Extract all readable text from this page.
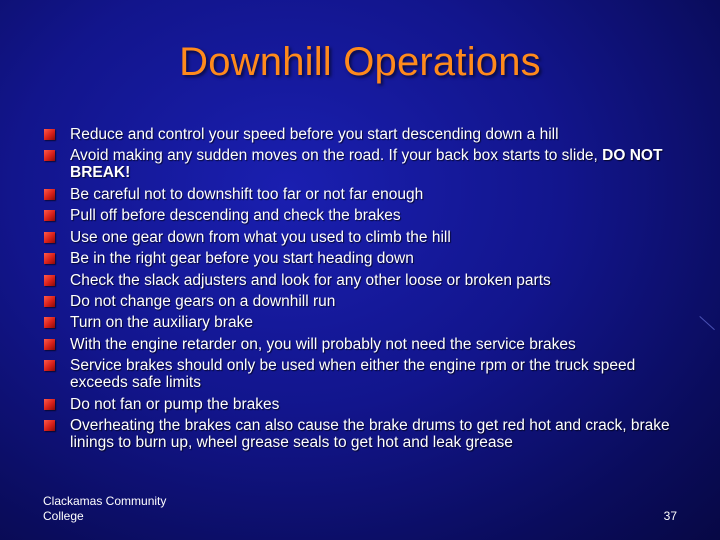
Downhill Operations
Reduce and control your speed before you start descending down a hill
Avoid making any sudden moves on the road. If your back box starts to slide, DO NOT BREAK!
Be careful not to downshift too far or not far enough
Pull off before descending and check the brakes
Use one gear down from what you used to climb the hill
Be in the right gear before you start heading down
Check the slack adjusters and look for any other loose or broken parts
Do not change gears on a downhill run
Turn on the auxiliary brake
With the engine retarder on, you will probably not need the service brakes
Service brakes should only be used when either the engine rpm or the truck speed exceeds safe limits
Do not fan or pump the brakes
Overheating the brakes can also cause the brake drums to get red hot and crack, brake linings to burn up, wheel grease seals to get hot and leak grease
Clackamas Community College	37
